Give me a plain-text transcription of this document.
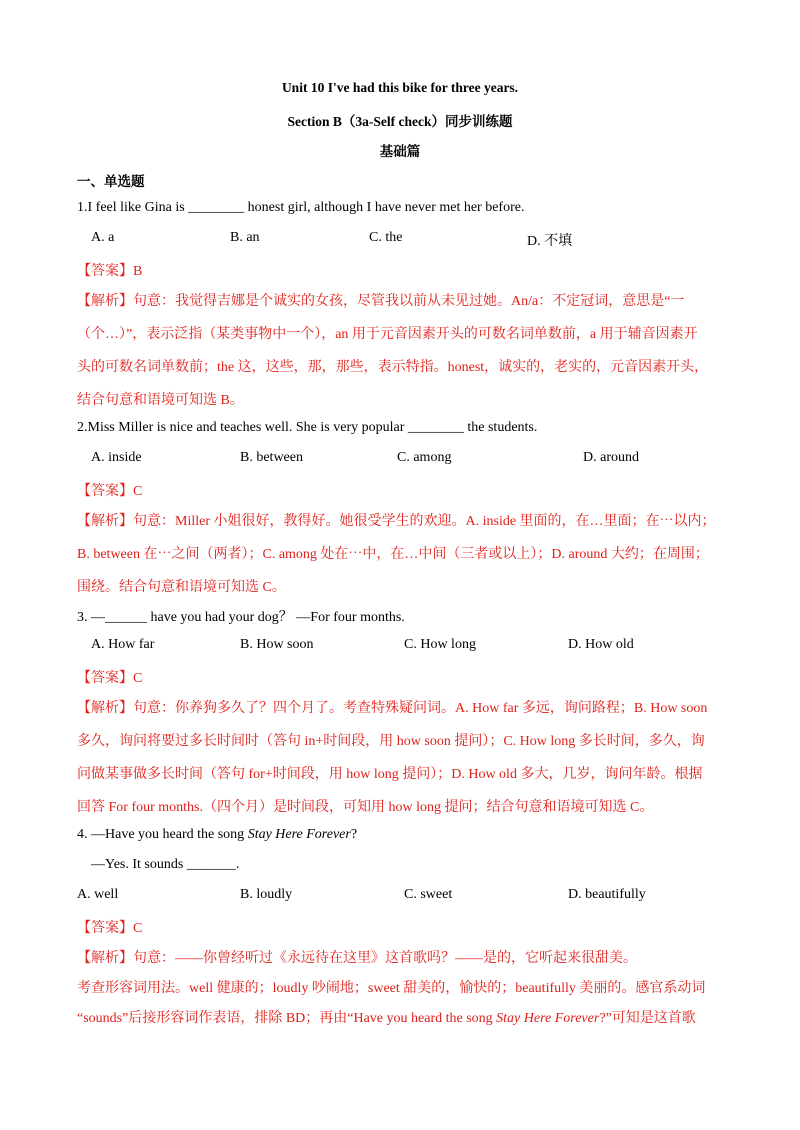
Unit 10 I've had this bike for three years.
Section B（3a-Self check）同步训练题
基础篇
一、单选题
1.I feel like Gina is ________ honest girl, although I have never met her before.
A. a	B. an	C. the	D. 不填
【答案】B
【解析】句意：我觉得吉娜是个诚实的女孩，尽管我以前从未见过她。An/a：不定冠词，意思是“一
（个…）”，表示泛指（某类事物中一个），an 用于元音因素开头的可数名词单数前，a 用于辅音因素开
头的可数名词单数前；the 这，这些，那，那些，表示特指。honest，诚实的，老实的，元音因素开头，
结合句意和语境可知选 B。
2.Miss Miller is nice and teaches well. She is very popular ________ the students.
A. inside	B. between	C. among	D. around
【答案】C
【解析】句意：Miller 小姐很好，教得好。她很受学生的欢迎。A. inside 里面的，在…里面；在⋯以内；
B. between 在⋯之间（两者）；C. among 处在⋯中，在…中间（三者或以上）；D. around 大约；在周围；
围绕。结合句意和语境可知选 C。
3. —______ have you had your dog？ —For four months.
A. How far	B. How soon	C. How long	D. How old
【答案】C
【解析】句意：你养狗多久了？四个月了。考查特殊疑问词。A. How far 多远，询问路程；B. How soon
多久，询问将要过多长时间时（答句 in+时间段，用 how soon 提问）；C. How long 多长时间，多久，询
问做某事做多长时间（答句 for+时间段，用 how long 提问）；D. How old 多大，几岁，询问年龄。根据
回答 For four months.（四个月）是时间段，可知用 how long 提问；结合句意和语境可知选 C。
4. —Have you heard the song Stay Here Forever?
—Yes. It sounds _______.
A. well	B. loudly	C. sweet	D. beautifully
【答案】C
【解析】句意：——你曾经听过《永远待在这里》这首歌吗？——是的，它听起来很甜美。
考查形容词用法。well 健康的；loudly 吵闹地；sweet 甜美的，愉快的；beautifully 美丽的。感官系动词
“sounds”后接形容词作表语，排除 BD；再由“Have you heard the song Stay Here Forever?”可知是这首歌
